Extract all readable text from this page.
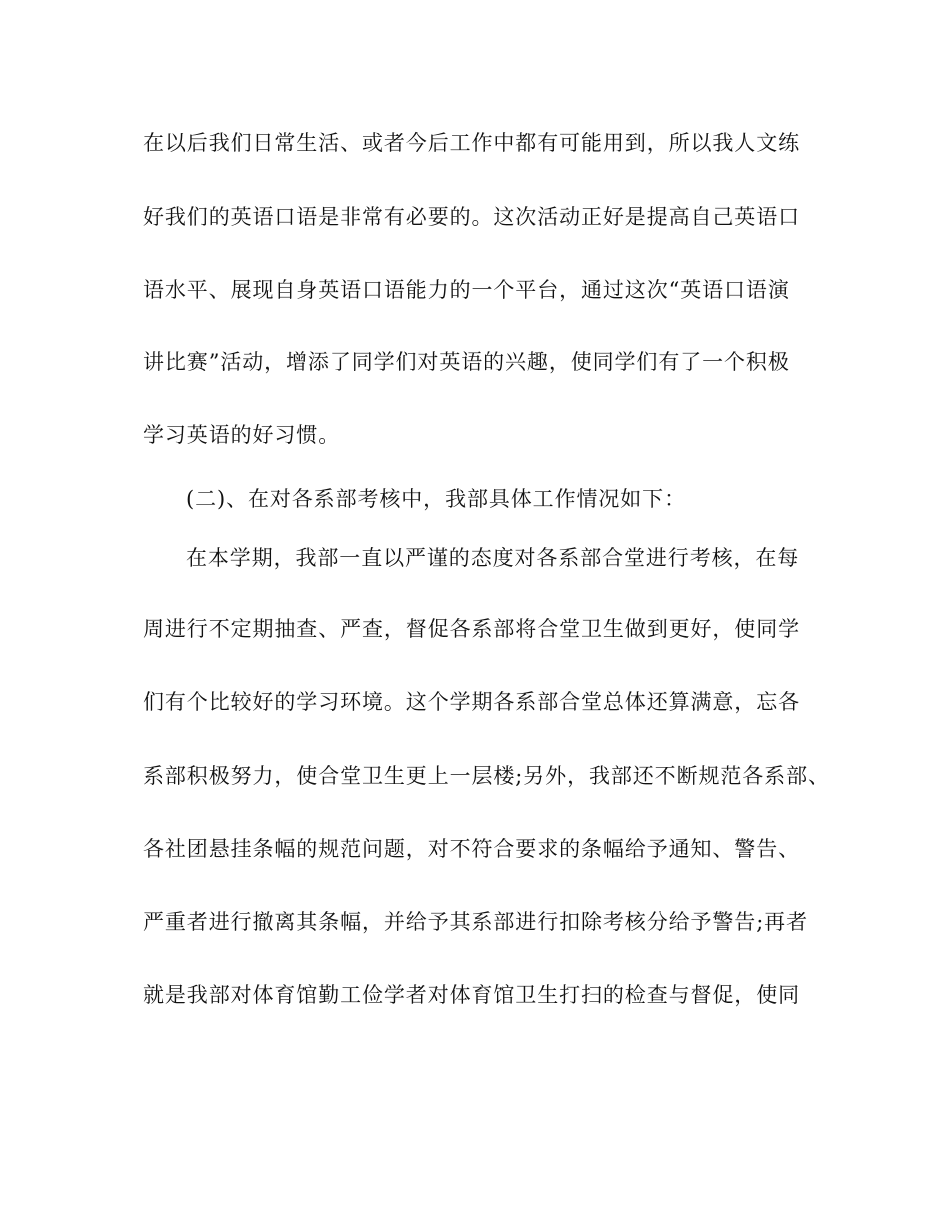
在以后我们日常生活、或者今后工作中都有可能用到，所以我人文练
好我们的英语口语是非常有必要的。这次活动正好是提高自己英语口
语水平、展现自身英语口语能力的一个平台，通过这次“英语口语演
讲比赛”活动，增添了同学们对英语的兴趣，使同学们有了一个积极
学习英语的好习惯。
(二)、在对各系部考核中，我部具体工作情况如下：
在本学期，我部一直以严谨的态度对各系部合堂进行考核，在每
周进行不定期抽查、严查，督促各系部将合堂卫生做到更好，使同学
们有个比较好的学习环境。这个学期各系部合堂总体还算满意，忘各
系部积极努力，使合堂卫生更上一层楼;另外，我部还不断规范各系部、
各社团悬挂条幅的规范问题，对不符合要求的条幅给予通知、警告、
严重者进行撤离其条幅，并给予其系部进行扣除考核分给予警告;再者
就是我部对体育馆勤工俭学者对体育馆卫生打扫的检查与督促，使同
